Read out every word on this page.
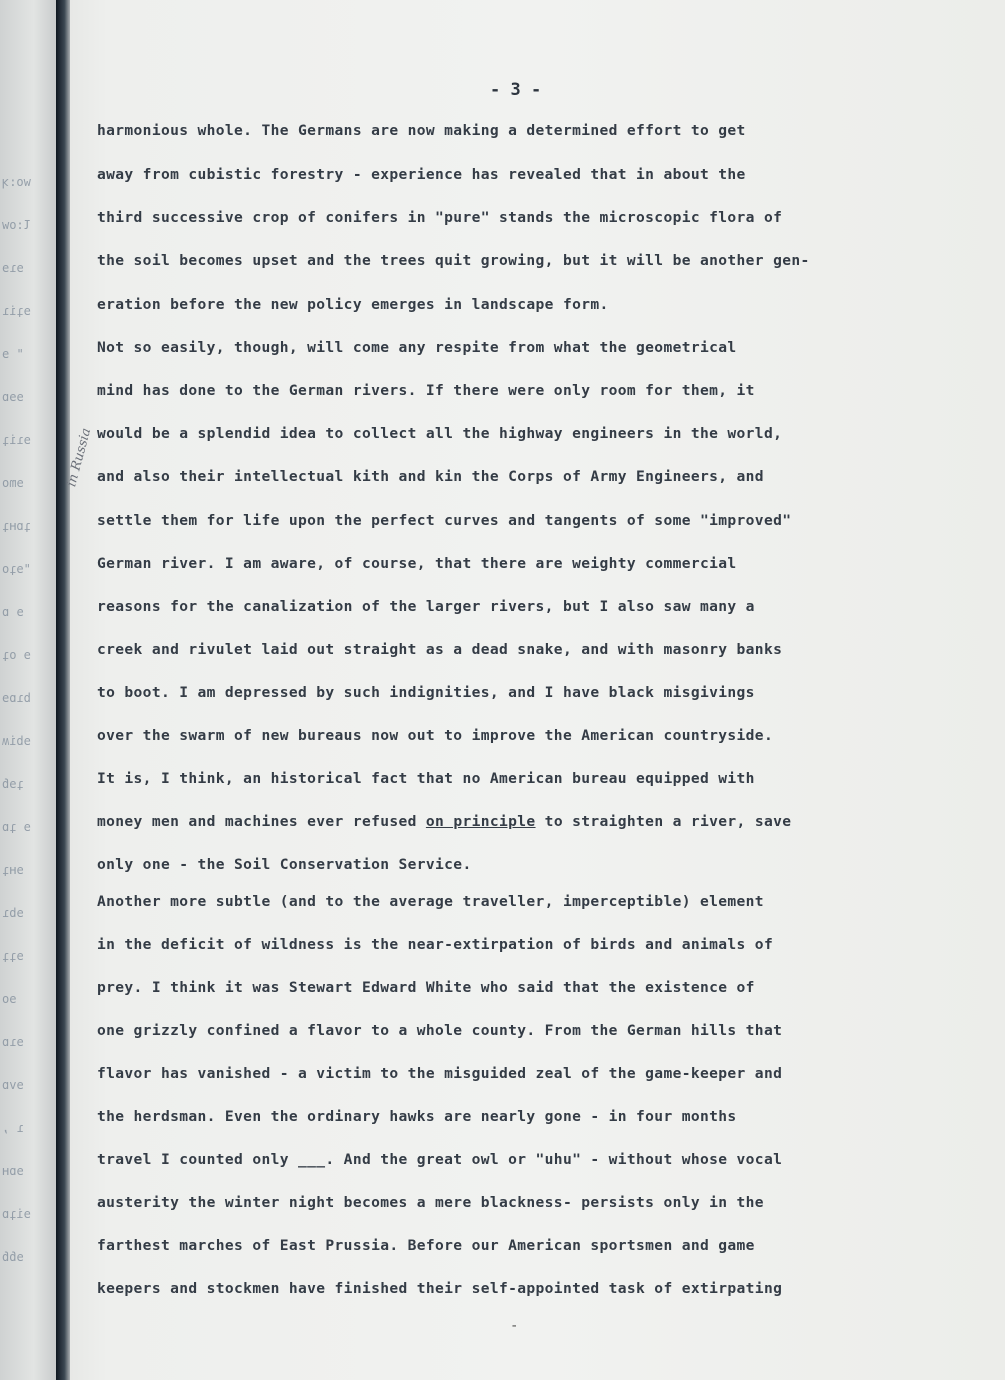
wo:ʞ
Ɩ:ow
ɘɿɘ
ɘʇiɿ
" ɘ
ɘɘɒ
ɘɿiʇ
ɘmo
ʇɒʜʇ
"ɘʇo
ɘ ɒ
ɘ oʇ
bɿɒɘ
ɘbiʍ
ʇɘɓ
ɘ ʇɒ
ɘʜʇ
ɘbɿ
ɘʇʇ
ɘo
ɘɿɒ
ɘvɒ
ɿ ,
ɘɒʜ
ɘiʇɒ
ɘɓɓ
- 3 -
in Russia
harmonious whole. The Germans are now making a determined effort to get
away from cubistic forestry - experience has revealed that in about the
third successive crop of conifers in "pure" stands the microscopic flora of
the soil becomes upset and the trees quit growing, but it will be another gen-
eration before the new policy emerges in landscape form.
Not so easily, though, will come any respite from what the geometrical
mind has done to the German rivers. If there were only room for them, it
would be a splendid idea to collect all the highway engineers in the world,
and also their intellectual kith and kin the Corps of Army Engineers, and
settle them for life upon the perfect curves and tangents of some "improved"
German river. I am aware, of course, that there are weighty commercial
reasons for the canalization of the larger rivers, but I also saw many a
creek and rivulet laid out straight as a dead snake, and with masonry banks
to boot. I am depressed by such indignities, and I have black misgivings
over the swarm of new bureaus now out to improve the American countryside.
It is, I think, an historical fact that no American bureau equipped with
money men and machines ever refused on principle to straighten a river, save
only one - the Soil Conservation Service.
Another more subtle (and to the average traveller, imperceptible) element
in the deficit of wildness is the near-extirpation of birds and animals of
prey. I think it was Stewart Edward White who said that the existence of
one grizzly confined a flavor to a whole county. From the German hills that
flavor has vanished - a victim to the misguided zeal of the game-keeper and
the herdsman. Even the ordinary hawks are nearly gone - in four months
travel I counted only ___. And the great owl or "uhu" - without whose vocal
austerity the winter night becomes a mere blackness- persists only in the
farthest marches of East Prussia. Before our American sportsmen and game
keepers and stockmen have finished their self-appointed task of extirpating
-
